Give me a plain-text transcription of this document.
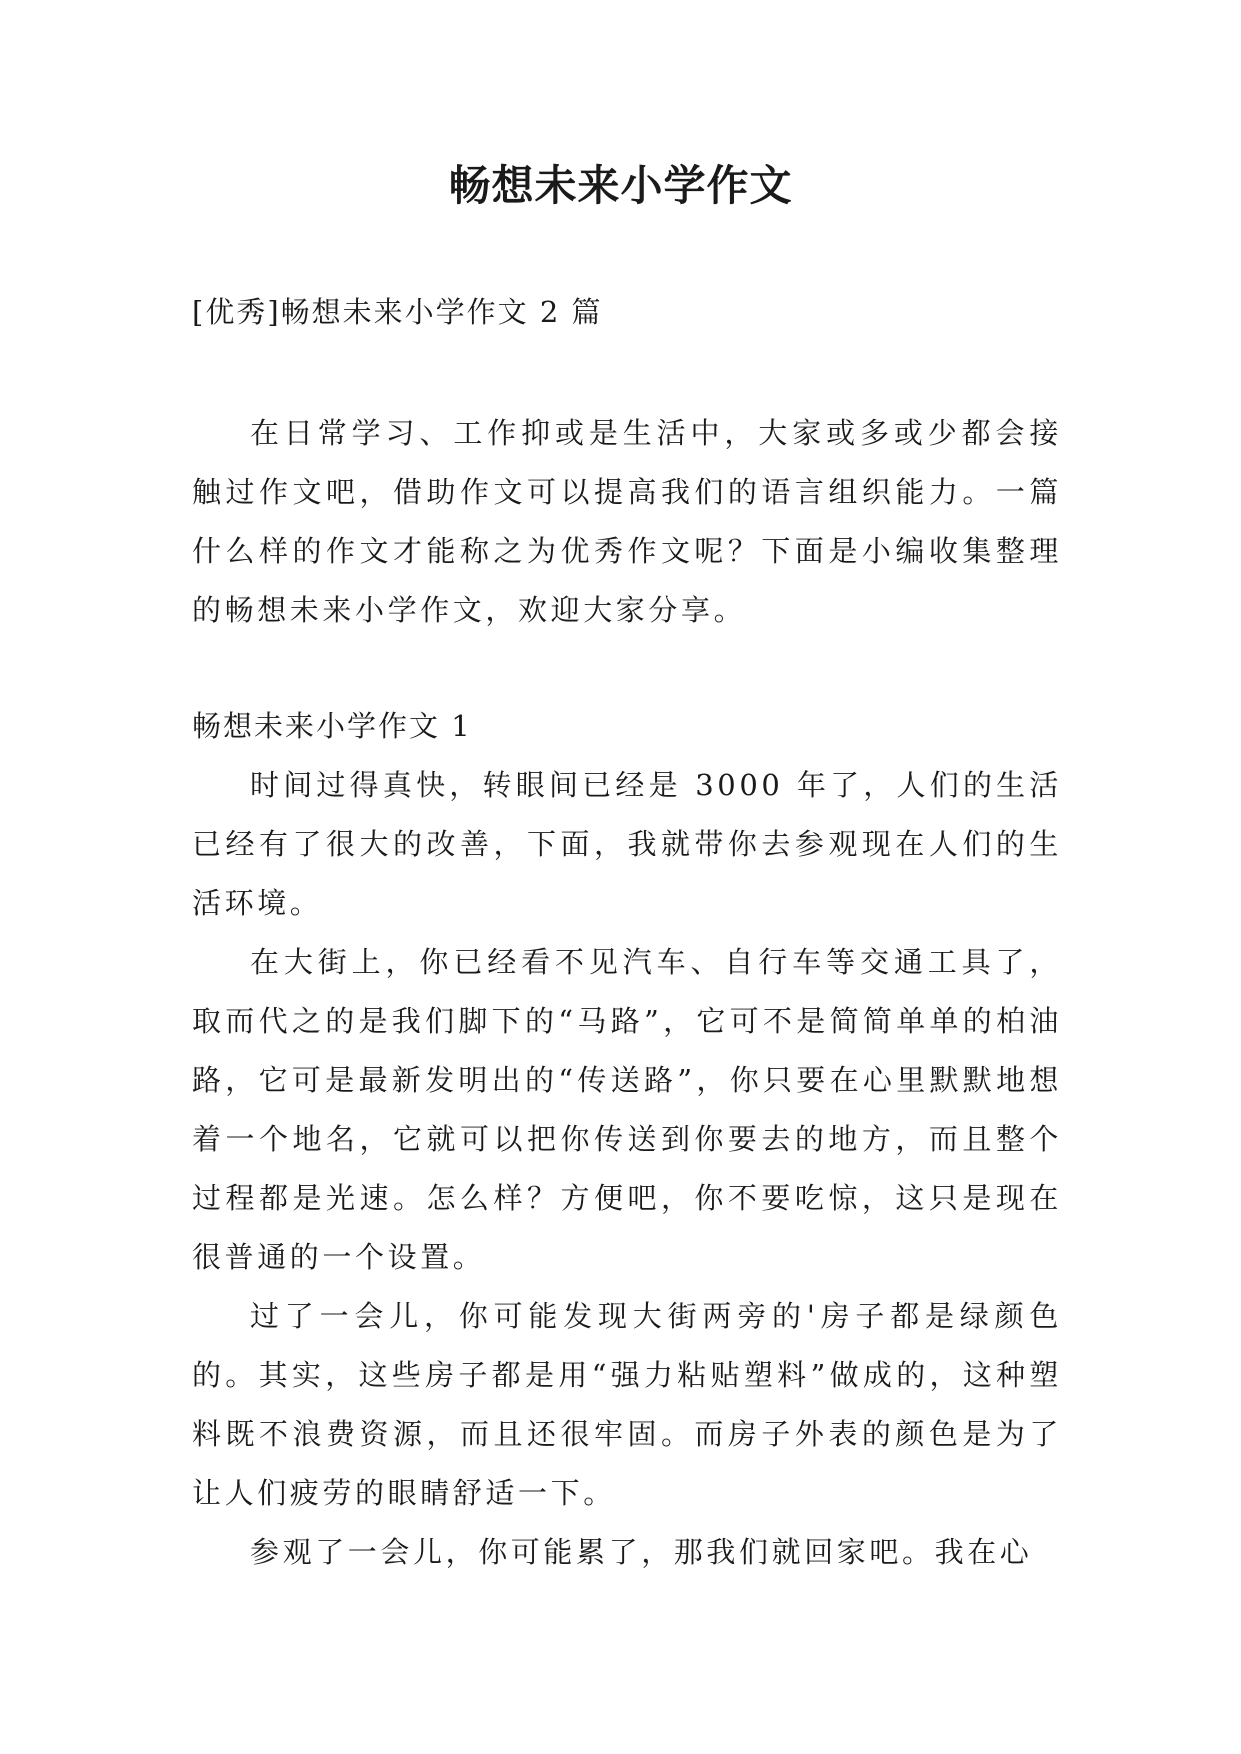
畅想未来小学作文
[优秀]畅想未来小学作文 2 篇

在日常学习、工作抑或是生活中，大家或多或少都会接触过作文吧，借助作文可以提高我们的语言组织能力。一篇什么样的作文才能称之为优秀作文呢？下面是小编收集整理的畅想未来小学作文，欢迎大家分享。

畅想未来小学作文 1

时间过得真快，转眼间已经是 3000 年了，人们的生活已经有了很大的改善，下面，我就带你去参观现在人们的生活环境。

在大街上，你已经看不见汽车、自行车等交通工具了，取而代之的是我们脚下的“马路”，它可不是简简单单的柏油路，它可是最新发明出的“传送路”，你只要在心里默默地想着一个地名，它就可以把你传送到你要去的地方，而且整个过程都是光速。怎么样？方便吧，你不要吃惊，这只是现在很普通的一个设置。

过了一会儿，你可能发现大街两旁的'房子都是绿颜色的。其实，这些房子都是用“强力粘贴塑料”做成的，这种塑料既不浪费资源，而且还很牢固。而房子外表的颜色是为了让人们疲劳的眼睛舒适一下。

参观了一会儿，你可能累了，那我们就回家吧。我在心
